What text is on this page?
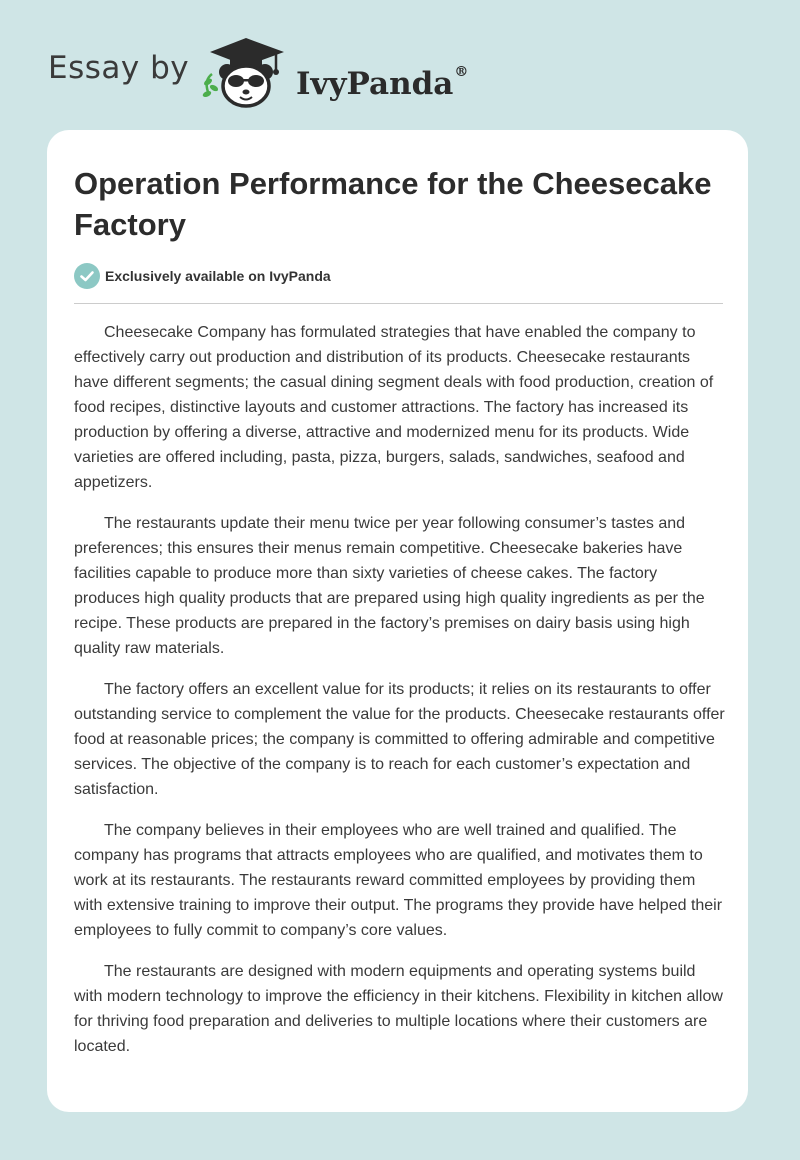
Essay by	IvyPanda®
Operation Performance for the Cheesecake Factory
Exclusively available on IvyPanda

Cheesecake Company has formulated strategies that have enabled the company to effectively carry out production and distribution of its products. Cheesecake restaurants have different segments; the casual dining segment deals with food production, creation of food recipes, distinctive layouts and customer attractions. The factory has increased its production by offering a diverse, attractive and modernized menu for its products. Wide varieties are offered including, pasta, pizza, burgers, salads, sandwiches, seafood and appetizers.

The restaurants update their menu twice per year following consumer’s tastes and preferences; this ensures their menus remain competitive. Cheesecake bakeries have facilities capable to produce more than sixty varieties of cheese cakes. The factory produces high quality products that are prepared using high quality ingredients as per the recipe. These products are prepared in the factory’s premises on dairy basis using high quality raw materials.

The factory offers an excellent value for its products; it relies on its restaurants to offer outstanding service to complement the value for the products. Cheesecake restaurants offer food at reasonable prices; the company is committed to offering admirable and competitive services. The objective of the company is to reach for each customer’s expectation and satisfaction.

The company believes in their employees who are well trained and qualified. The company has programs that attracts employees who are qualified, and motivates them to work at its restaurants. The restaurants reward committed employees by providing them with extensive training to improve their output. The programs they provide have helped their employees to fully commit to company’s core values.

The restaurants are designed with modern equipments and operating systems build with modern technology to improve the efficiency in their kitchens. Flexibility in kitchen allow for thriving food preparation and deliveries to multiple locations where their customers are located.
